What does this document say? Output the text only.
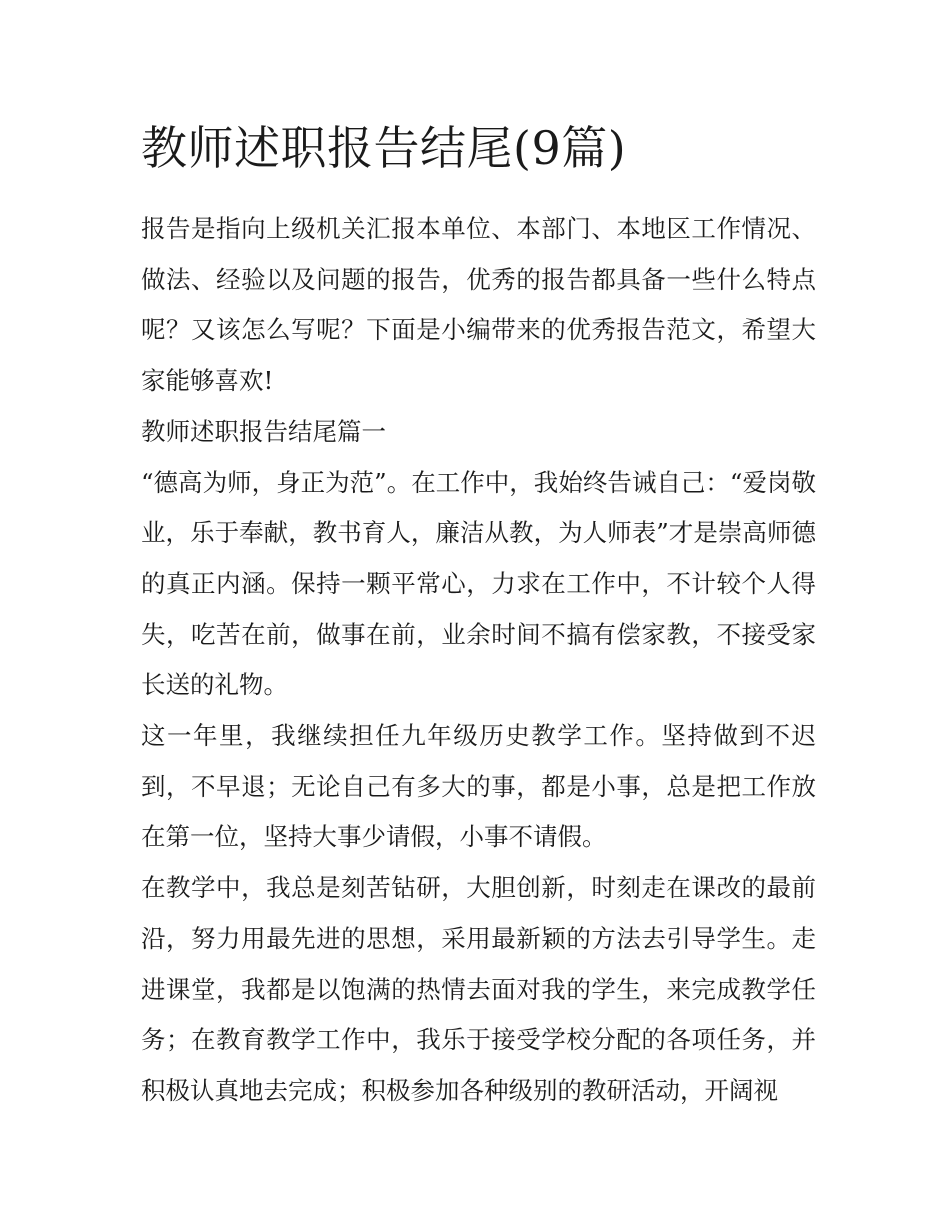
教师述职报告结尾(9篇)

报告是指向上级机关汇报本单位、本部门、本地区工作情况、做法、经验以及问题的报告，优秀的报告都具备一些什么特点呢？又该怎么写呢？下面是小编带来的优秀报告范文，希望大家能够喜欢!

教师述职报告结尾篇一

“德高为师，身正为范”。在工作中，我始终告诫自己：“爱岗敬业，乐于奉献，教书育人，廉洁从教，为人师表”才是崇高师德的真正内涵。保持一颗平常心，力求在工作中，不计较个人得失，吃苦在前，做事在前，业余时间不搞有偿家教，不接受家长送的礼物。

这一年里，我继续担任九年级历史教学工作。坚持做到不迟到，不早退；无论自己有多大的事，都是小事，总是把工作放在第一位，坚持大事少请假，小事不请假。

在教学中，我总是刻苦钻研，大胆创新，时刻走在课改的最前沿，努力用最先进的思想，采用最新颖的方法去引导学生。走进课堂，我都是以饱满的热情去面对我的学生，来完成教学任务；在教育教学工作中，我乐于接受学校分配的各项任务，并积极认真地去完成；积极参加各种级别的教研活动，开阔视
